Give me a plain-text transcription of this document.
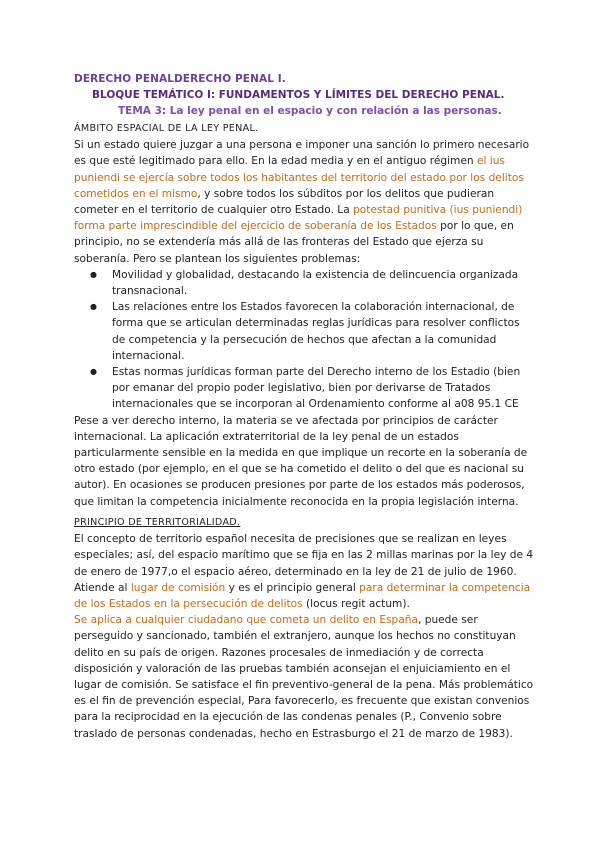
DERECHO PENALDERECHO PENAL I.
BLOQUE TEMÁTICO I: FUNDAMENTOS Y LÍMITES DEL DERECHO PENAL.
TEMA 3: La ley penal en el espacio y con relación a las personas.

ÁMBITO ESPACIAL DE LA LEY PENAL.

Si un estado quiere juzgar a una persona e imponer una sanción lo primero necesario es que esté legitimado para ello. En la edad media y en el antiguo régimen el ius puniendi se ejercía sobre todos los habitantes del territorio del estado por los delitos cometidos en el mismo, y sobre todos los súbditos por los delitos que pudieran cometer en el territorio de cualquier otro Estado. La potestad punitiva (ius puniendi) forma parte imprescindible del ejercicio de soberanía de los Estados por lo que, en principio, no se extendería más allá de las fronteras del Estado que ejerza su soberanía. Pero se plantean los siguientes problemas:

● Movilidad y globalidad, destacando la existencia de delincuencia organizada transnacional.
● Las relaciones entre los Estados favorecen la colaboración internacional, de forma que se articulan determinadas reglas jurídicas para resolver conflictos de competencia y la persecución de hechos que afectan a la comunidad internacional.
● Estas normas jurídicas forman parte del Derecho interno de los Estadio (bien por emanar del propio poder legislativo, bien por derivarse de Tratados internacionales que se incorporan al Ordenamiento conforme al a08 95.1 CE

Pese a ver derecho interno, la materia se ve afectada por principios de carácter internacional. La aplicación extraterritorial de la ley penal de un estados particularmente sensible en la medida en que implique un recorte en la soberanía de otro estado (por ejemplo, en el que se ha cometido el delito o del que es nacional su autor). En ocasiones se producen presiones por parte de los estados más poderosos, que limitan la competencia inicialmente reconocida en la propia legislación interna.

PRINCIPIO DE TERRITORIALIDAD.

El concepto de territorio español necesita de precisiones que se realizan en leyes especiales; así, del espacio marítimo que se fija en las 2 millas marinas por la ley de 4 de enero de 1977,o el espacio aéreo, determinado en la ley de 21 de julio de 1960.

Atiende al lugar de comisión y es el principio general para determinar la competencia de los Estados en la persecución de delitos (locus regit actum).

Se aplica a cualquier ciudadano que cometa un delito en España, puede ser perseguido y sancionado, también el extranjero, aunque los hechos no constituyan delito en su país de origen. Razones procesales de inmediación y de correcta disposición y valoración de las pruebas también aconsejan el enjuiciamiento en el lugar de comisión. Se satisface el fin preventivo-general de la pena. Más problemático es el fin de prevención especial, Para favorecerlo, es frecuente que existan convenios para la reciprocidad en la ejecución de las condenas penales (P., Convenio sobre traslado de personas condenadas, hecho en Estrasburgo el 21 de marzo de 1983).
